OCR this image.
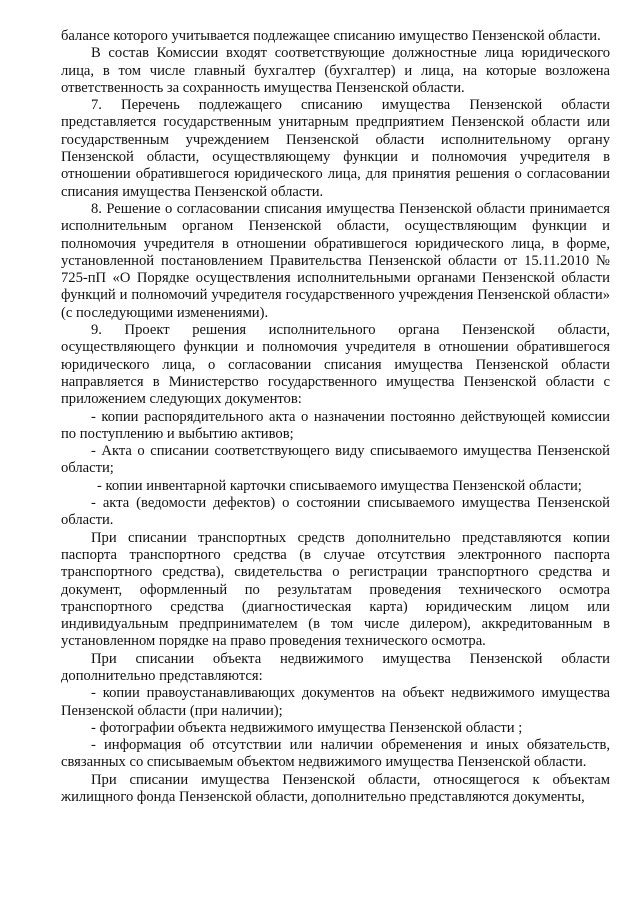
балансе которого учитывается подлежащее списанию имущество Пензенской области.

В состав Комиссии входят соответствующие должностные лица юридического лица, в том числе главный бухгалтер (бухгалтер) и лица, на которые возложена ответственность за сохранность имущества Пензенской области.

7. Перечень подлежащего списанию имущества Пензенской области представляется государственным унитарным предприятием Пензенской области или государственным учреждением Пензенской области исполнительному органу Пензенской области, осуществляющему функции и полномочия учредителя в отношении обратившегося юридического лица, для принятия решения о согласовании списания имущества Пензенской области.

8. Решение о согласовании списания имущества Пензенской области принимается исполнительным органом Пензенской области, осуществляющим функции и полномочия учредителя в отношении обратившегося юридического лица, в форме, установленной постановлением Правительства Пензенской области от 15.11.2010 № 725-пП «О Порядке осуществления исполнительными органами Пензенской области функций и полномочий учредителя государственного учреждения Пензенской области» (с последующими изменениями).

9. Проект решения исполнительного органа Пензенской области, осуществляющего функции и полномочия учредителя в отношении обратившегося юридического лица, о согласовании списания имущества Пензенской области направляется в Министерство государственного имущества Пензенской области с приложением следующих документов:

- копии распорядительного акта о назначении постоянно действующей комиссии по поступлению и выбытию активов;

- Акта о списании соответствующего виду списываемого имущества Пензенской области;

- копии инвентарной карточки списываемого имущества Пензенской области;

- акта (ведомости дефектов) о состоянии списываемого имущества Пензенской области.

При списании транспортных средств дополнительно представляются копии паспорта транспортного средства (в случае отсутствия электронного паспорта транспортного средства), свидетельства о регистрации транспортного средства и документ, оформленный по результатам проведения технического осмотра транспортного средства (диагностическая карта) юридическим лицом или индивидуальным предпринимателем (в том числе дилером), аккредитованным в установленном порядке на право проведения технического осмотра.

При списании объекта недвижимого имущества Пензенской области дополнительно представляются:

- копии правоустанавливающих документов на объект недвижимого имущества Пензенской области (при наличии);

- фотографии объекта недвижимого имущества Пензенской области ;

- информация об отсутствии или наличии обременения и иных обязательств, связанных со списываемым объектом недвижимого имущества Пензенской области.

При списании имущества Пензенской области, относящегося к объектам жилищного фонда Пензенской области, дополнительно представляются документы,
